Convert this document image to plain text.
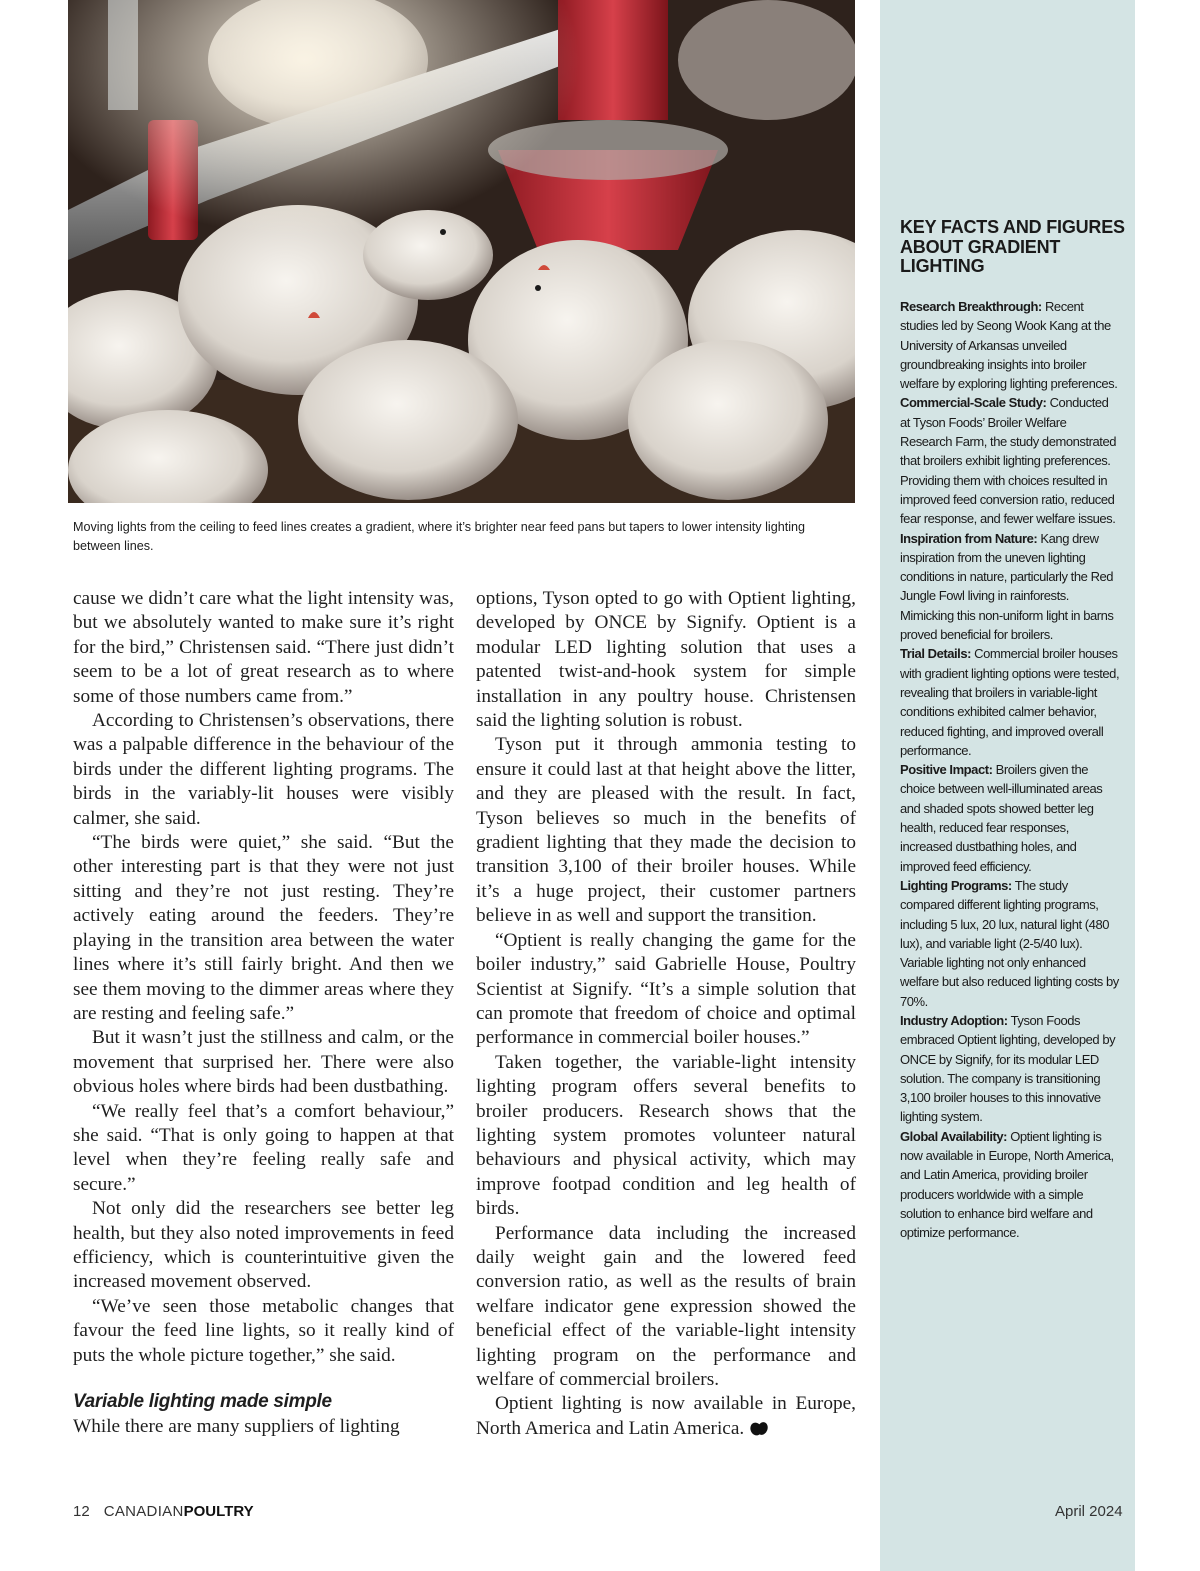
Moving lights from the ceiling to feed lines creates a gradient, where it’s brighter near feed pans but tapers to lower intensity lighting between lines.

cause we didn’t care what the light intensity was, but we absolutely wanted to make sure it’s right for the bird,” Christensen said. “There just didn’t seem to be a lot of great research as to where some of those numbers came from.”

According to Christensen’s observations, there was a palpable difference in the behaviour of the birds under the different lighting programs. The birds in the variably-lit houses were visibly calmer, she said.

“The birds were quiet,” she said. “But the other interesting part is that they were not just sitting and they’re not just resting. They’re actively eating around the feeders. They’re playing in the transition area between the water lines where it’s still fairly bright. And then we see them moving to the dimmer areas where they are resting and feeling safe.”

But it wasn’t just the stillness and calm, or the movement that surprised her. There were also obvious holes where birds had been dustbathing.

“We really feel that’s a comfort behaviour,” she said. “That is only going to happen at that level when they’re feeling really safe and secure.”

Not only did the researchers see better leg health, but they also noted improvements in feed efficiency, which is counterintuitive given the increased movement observed.

“We’ve seen those metabolic changes that favour the feed line lights, so it really kind of puts the whole picture together,” she said.

Variable lighting made simple

While there are many suppliers of lighting

options, Tyson opted to go with Optient lighting, developed by ONCE by Signify. Optient is a modular LED lighting solution that uses a patented twist-and-hook system for simple installation in any poultry house. Christensen said the lighting solution is robust.

Tyson put it through ammonia testing to ensure it could last at that height above the litter, and they are pleased with the result. In fact, Tyson believes so much in the benefits of gradient lighting that they made the decision to transition 3,100 of their broiler houses. While it’s a huge project, their customer partners believe in as well and support the transition.

“Optient is really changing the game for the boiler industry,” said Gabrielle House, Poultry Scientist at Signify. “It’s a simple solution that can promote that freedom of choice and optimal performance in commercial boiler houses.”

Taken together, the variable-light intensity lighting program offers several benefits to broiler producers. Research shows that the lighting system promotes volunteer natural behaviours and physical activity, which may improve footpad condition and leg health of birds.

Performance data including the increased daily weight gain and the lowered feed conversion ratio, as well as the results of brain welfare indicator gene expression showed the beneficial effect of the variable-light intensity lighting program on the performance and welfare of commercial broilers.

Optient lighting is now available in Europe, North America and Latin America.

KEY FACTS AND FIGURES ABOUT GRADIENT LIGHTING

Research Breakthrough: Recent studies led by Seong Wook Kang at the University of Arkansas unveiled groundbreaking insights into broiler welfare by exploring lighting preferences.

Commercial-Scale Study: Conducted at Tyson Foods’ Broiler Welfare Research Farm, the study demonstrated that broilers exhibit lighting preferences. Providing them with choices resulted in improved feed conversion ratio, reduced fear response, and fewer welfare issues.

Inspiration from Nature: Kang drew inspiration from the uneven lighting conditions in nature, particularly the Red Jungle Fowl living in rainforests. Mimicking this non-uniform light in barns proved beneficial for broilers.

Trial Details: Commercial broiler houses with gradient lighting options were tested, revealing that broilers in variable-light conditions exhibited calmer behavior, reduced fighting, and improved overall performance.

Positive Impact: Broilers given the choice between well-illuminated areas and shaded spots showed better leg health, reduced fear responses, increased dustbathing holes, and improved feed efficiency.

Lighting Programs: The study compared different lighting programs, including 5 lux, 20 lux, natural light (480 lux), and variable light (2-5/40 lux). Variable lighting not only enhanced welfare but also reduced lighting costs by 70%.

Industry Adoption: Tyson Foods embraced Optient lighting, developed by ONCE by Signify, for its modular LED solution. The company is transitioning 3,100 broiler houses to this innovative lighting system.

Global Availability: Optient lighting is now available in Europe, North America, and Latin America, providing broiler producers worldwide with a simple solution to enhance bird welfare and optimize performance.

12 CANADIANPOULTRY	April 2024
